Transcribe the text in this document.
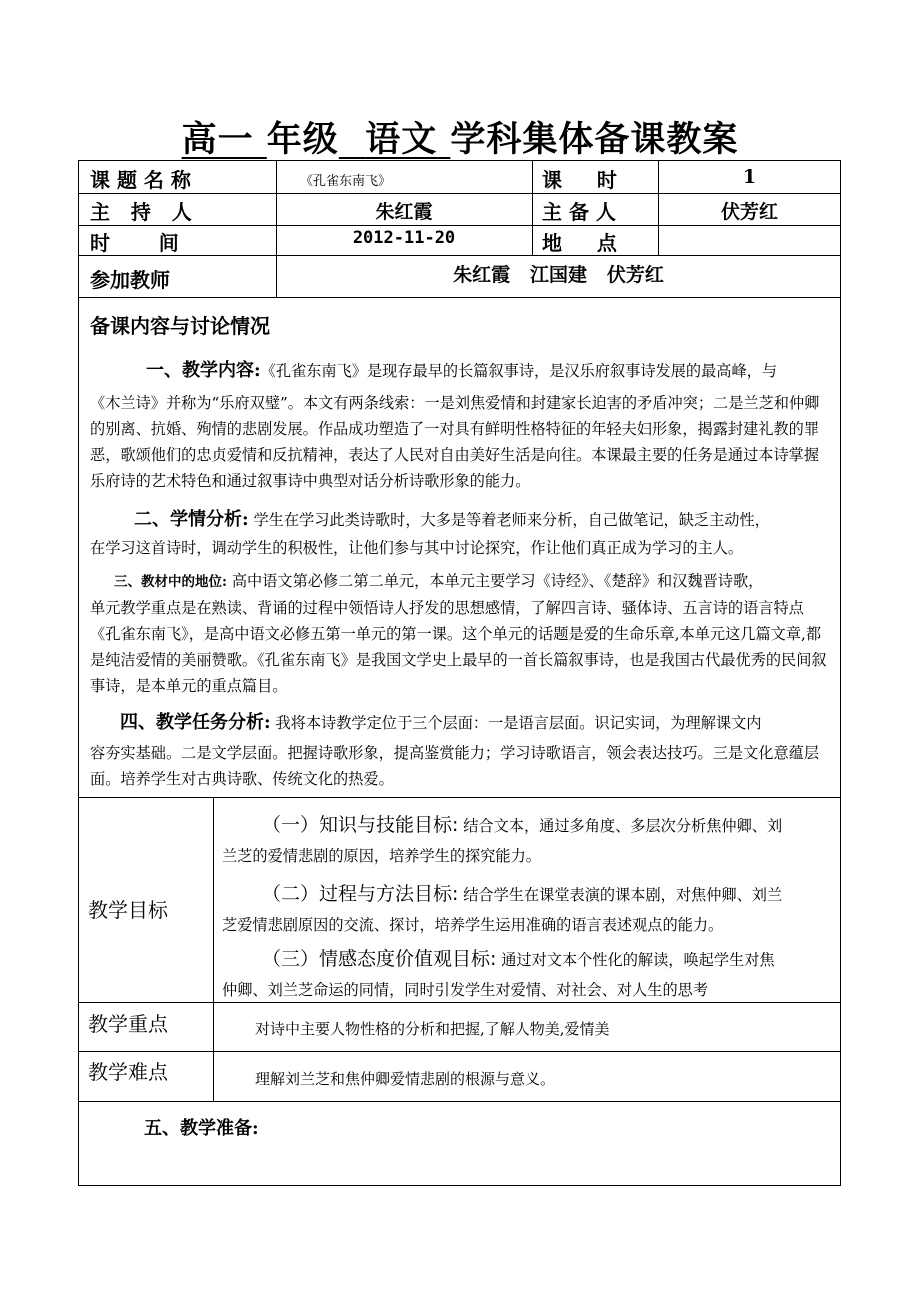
高一 年级 语文 学科集体备课教案
课 题 名 称	《孔雀东南飞》	课     时	1
主   持   人	朱红霞	主 备 人	伏芳红
时       间	2012-11-20	地     点
参加教师	朱红霞   江国建   伏芳红
备课内容与讨论情况
一、教学内容:《孔雀东南飞》是现存最早的长篇叙事诗，是汉乐府叙事诗发展的最高峰，与
《木兰诗》并称为“乐府双璧”。本文有两条线索：一是刘焦爱情和封建家长迫害的矛盾冲突；二是兰芝和仲卿的别离、抗婚、殉情的悲剧发展。作品成功塑造了一对具有鲜明性格特征的年轻夫妇形象，揭露封建礼教的罪恶，歌颂他们的忠贞爱情和反抗精神，表达了人民对自由美好生活是向往。本课最主要的任务是通过本诗掌握乐府诗的艺术特色和通过叙事诗中典型对话分析诗歌形象的能力。
二、学情分析: 学生在学习此类诗歌时，大多是等着老师来分析，自己做笔记，缺乏主动性，
在学习这首诗时，调动学生的积极性，让他们参与其中讨论探究，作让他们真正成为学习的主人。
三、教材中的地位: 高中语文第必修二第二单元，本单元主要学习《诗经》、《楚辞》和汉魏晋诗歌，
单元教学重点是在熟读、背诵的过程中领悟诗人抒发的思想感情，了解四言诗、骚体诗、五言诗的语言特点《孔雀东南飞》，是高中语文必修五第一单元的第一课。这个单元的话题是爱的生命乐章,本单元这几篇文章,都是纯洁爱情的美丽赞歌。《孔雀东南飞》是我国文学史上最早的一首长篇叙事诗，也是我国古代最优秀的民间叙事诗，是本单元的重点篇目。
四、教学任务分析: 我将本诗教学定位于三个层面：一是语言层面。识记实词，为理解课文内
容夯实基础。二是文学层面。把握诗歌形象，提高鉴赏能力；学习诗歌语言，领会表达技巧。三是文化意蕴层面。培养学生对古典诗歌、传统文化的热爱。
教学目标
（一）知识与技能目标: 结合文本，通过多角度、多层次分析焦仲卿、刘
兰芝的爱情悲剧的原因，培养学生的探究能力。
（二）过程与方法目标: 结合学生在课堂表演的课本剧，对焦仲卿、刘兰
芝爱情悲剧原因的交流、探讨，培养学生运用准确的语言表述观点的能力。
（三）情感态度价值观目标: 通过对文本个性化的解读，唤起学生对焦
仲卿、刘兰芝命运的同情，同时引发学生对爱情、对社会、对人生的思考
教学重点	对诗中主要人物性格的分析和把握,了解人物美,爱情美
教学难点	理解刘兰芝和焦仲卿爱情悲剧的根源与意义。
五、教学准备:
